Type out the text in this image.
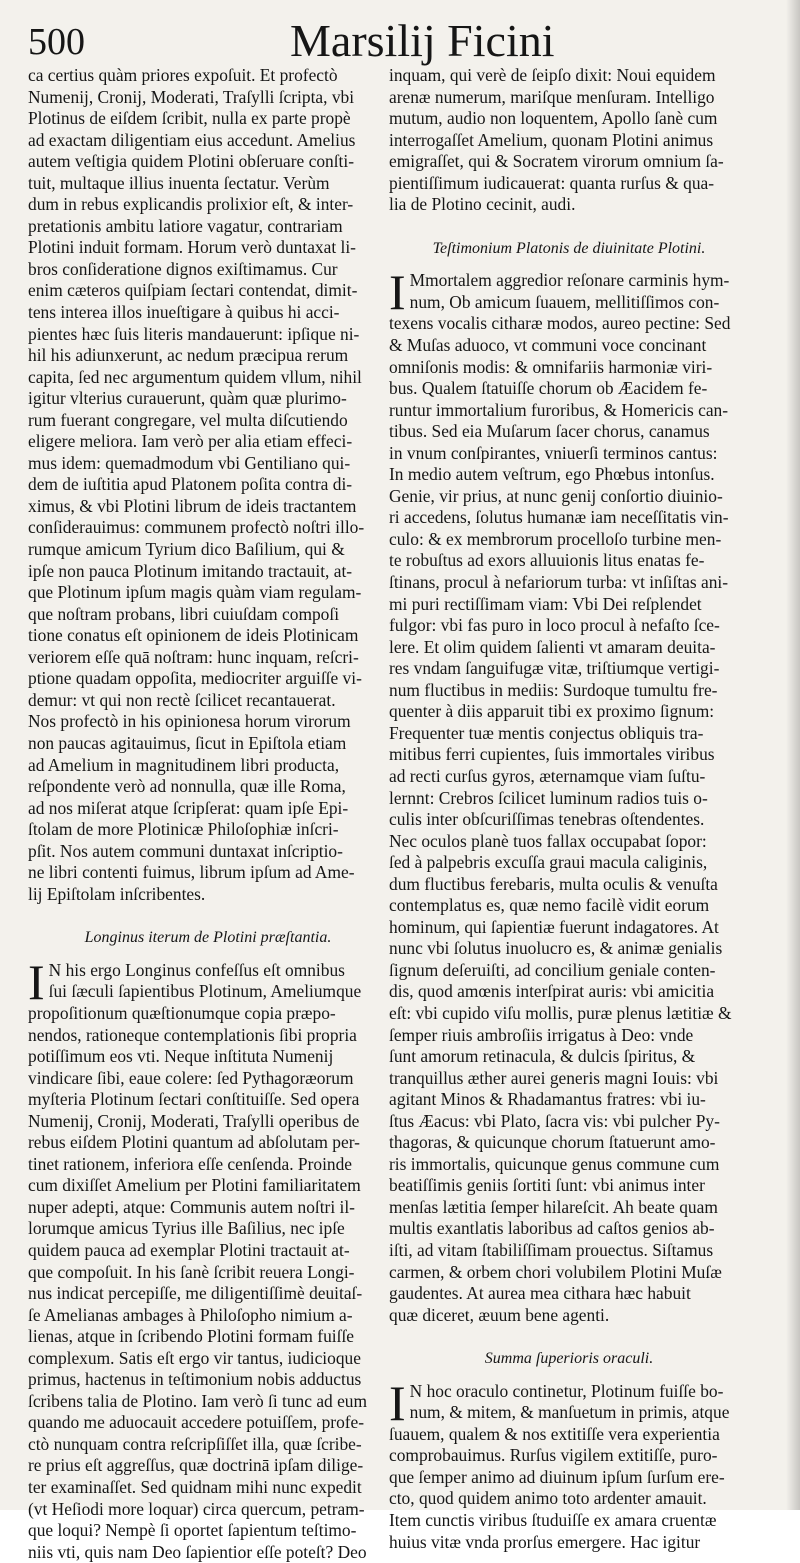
500	Marsilij Ficini

ca certius quàm priores expoſuit. Et profectò
Numenij, Cronij, Moderati, Traſylli ſcripta, vbi
Plotinus de eiſdem ſcribit, nulla ex parte propè
ad exactam diligentiam eius accedunt. Amelius
autem veſtigia quidem Plotini obſeruare conſti-
tuit, multaque illius inuenta ſectatur. Verùm
dum in rebus explicandis prolixior eſt, & inter-
pretationis ambitu latiore vagatur, contrariam
Plotini induit formam. Horum verò duntaxat li-
bros conſideratione dignos exiſtimamus. Cur
enim cæteros quiſpiam ſectari contendat, dimit-
tens interea illos inueſtigare à quibus hi acci-
pientes hæc ſuis literis mandauerunt: ipſique ni-
hil his adiunxerunt, ac nedum præcipua rerum
capita, ſed nec argumentum quidem vllum, nihil
igitur vlterius curauerunt, quàm quæ plurimo-
rum fuerant congregare, vel multa diſcutiendo
eligere meliora. Iam verò per alia etiam effeci-
mus idem: quemadmodum vbi Gentiliano qui-
dem de iuſtitia apud Platonem poſita contra di-
ximus, & vbi Plotini librum de ideis tractantem
conſiderauimus: communem profectò noſtri illo-
rumque amicum Tyrium dico Baſilium, qui &
ipſe non pauca Plotinum imitando tractauit, at-
que Plotinum ipſum magis quàm viam regulam-
que noſtram probans, libri cuiuſdam compoſi
tione conatus eſt opinionem de ideis Plotinicam
veriorem eſſe quā noſtram: hunc inquam, reſcri-
ptione quadam oppoſita, mediocriter arguiſſe vi-
demur: vt qui non rectè ſcilicet recantauerat.
Nos profectò in his opinionesa horum virorum
non paucas agitauimus, ſicut in Epiſtola etiam
ad Amelium in magnitudinem libri producta,
reſpondente verò ad nonnulla, quæ ille Roma,
ad nos miſerat atque ſcripſerat: quam ipſe Epi-
ſtolam de more Plotinicæ Philoſophiæ inſcri-
pſit. Nos autem communi duntaxat inſcriptio-
ne libri contenti fuimus, librum ipſum ad Ame-
lij Epiſtolam inſcribentes.

Longinus iterum de Plotini præſtantia.

I N his ergo Longinus confeſſus eſt omnibus
ſui ſæculi ſapientibus Plotinum, Ameliumque
propoſitionum quæſtionumque copia præpo-
nendos, rationeque contemplationis ſibi propria
potiſſimum eos vti. Neque inſtituta Numenij
vindicare ſibi, eaue colere: ſed Pythagoræorum
myſteria Plotinum ſectari conſtituiſſe. Sed opera
Numenij, Cronij, Moderati, Traſylli operibus de
rebus eiſdem Plotini quantum ad abſolutam per-
tinet rationem, inferiora eſſe cenſenda. Proinde
cum dixiſſet Amelium per Plotini familiaritatem
nuper adepti, atque: Communis autem noſtri il-
lorumque amicus Tyrius ille Baſilius, nec ipſe
quidem pauca ad exemplar Plotini tractauit at-
que compoſuit. In his ſanè ſcribit reuera Longi-
nus indicat percepiſſe, me diligentiſſimè deuitaſ-
ſe Amelianas ambages à Philoſopho nimium a-
lienas, atque in ſcribendo Plotini formam fuiſſe
complexum. Satis eſt ergo vir tantus, iudicioque
primus, hactenus in teſtimonium nobis adductus
ſcribens talia de Plotino. Iam verò ſi tunc ad eum
quando me aduocauit accedere potuiſſem, profe-
ctò nunquam contra reſcripſiſſet illa, quæ ſcribe-
re prius eſt aggreſſus, quæ doctrinā ipſam dilige-
ter examinaſſet. Sed quidnam mihi nunc expedit
(vt Heſiodi more loquar) circa quercum, petram-
que loqui? Nempè ſi oportet ſapientum teſtimo-
niis vti, quis nam Deo ſapientior eſſe poteſt? Deo

inquam, qui verè de ſeipſo dixit: Noui equidem
arenæ numerum, mariſque menſuram. Intelligo
mutum, audio non loquentem, Apollo ſanè cum
interrogaſſet Amelium, quonam Plotini animus
emigraſſet, qui & Socratem virorum omnium ſa-
pientiſſimum iudicauerat: quanta rurſus & qua-
lia de Plotino cecinit, audi.

Teſtimonium Platonis de diuinitate Plotini.

I Mmortalem aggredior reſonare carminis hym-
num, Ob amicum ſuauem, mellitiſſimos con-
texens vocalis citharæ modos, aureo pectine: Sed
& Muſas aduoco, vt communi voce concinant
omniſonis modis: & omnifariis harmoniæ viri-
bus. Qualem ſtatuiſſe chorum ob Æacidem fe-
runtur immortalium furoribus, & Homericis can-
tibus. Sed eia Muſarum ſacer chorus, canamus
in vnum conſpirantes, vniuerſi terminos cantus:
In medio autem veſtrum, ego Phœbus intonſus.
Genie, vir prius, at nunc genij conſortio diuinio-
ri accedens, ſolutus humanæ iam neceſſitatis vin-
culo: & ex membrorum procelloſo turbine men-
te robuſtus ad exors alluuionis litus enatas fe-
ſtinans, procul à nefariorum turba: vt inſiſtas ani-
mi puri rectiſſimam viam: Vbi Dei reſplendet
fulgor: vbi fas puro in loco procul à nefaſto ſce-
lere. Et olim quidem ſalienti vt amaram deuita-
res vndam ſanguifugæ vitæ, triſtiumque vertigi-
num fluctibus in mediis: Surdoque tumultu fre-
quenter à diis apparuit tibi ex proximo ſignum:
Frequenter tuæ mentis conjectus obliquis tra-
mitibus ferri cupientes, ſuis immortales viribus
ad recti curſus gyros, æternamque viam ſuſtu-
lernnt: Crebros ſcilicet luminum radios tuis o-
culis inter obſcuriſſimas tenebras oſtendentes.
Nec oculos planè tuos fallax occupabat ſopor:
ſed à palpebris excuſſa graui macula caliginis,
dum fluctibus ferebaris, multa oculis & venuſta
contemplatus es, quæ nemo facilè vidit eorum
hominum, qui ſapientiæ fuerunt indagatores. At
nunc vbi ſolutus inuolucro es, & animæ genialis
ſignum deſeruiſti, ad concilium geniale conten-
dis, quod amœnis interſpirat auris: vbi amicitia
eſt: vbi cupido viſu mollis, puræ plenus lætitiæ &
ſemper riuis ambroſiis irrigatus à Deo: vnde
ſunt amorum retinacula, & dulcis ſpiritus, &
tranquillus æther aurei generis magni Iouis: vbi
agitant Minos & Rhadamantus fratres: vbi iu-
ſtus Æacus: vbi Plato, ſacra vis: vbi pulcher Py-
thagoras, & quicunque chorum ſtatuerunt amo-
ris immortalis, quicunque genus commune cum
beatiſſimis geniis ſortiti ſunt: vbi animus inter
menſas lætitia ſemper hilareſcit. Ah beate quam
multis exantlatis laboribus ad caſtos genios ab-
iſti, ad vitam ſtabiliſſimam prouectus. Siſtamus
carmen, & orbem chori volubilem Plotini Muſæ
gaudentes. At aurea mea cithara hæc habuit
quæ diceret, æuum bene agenti.

Summa ſuperioris oraculi.

I N hoc oraculo continetur, Plotinum fuiſſe bo-
num, & mitem, & manſuetum in primis, atque
ſuauem, qualem & nos extitiſſe vera experientia
comprobauimus. Rurſus vigilem extitiſſe, puro-
que ſemper animo ad diuinum ipſum ſurſum ere-
ctο, quod quidem animo toto ardenter amauit.
Item cunctis viribus ſtuduiſſe ex amara cruentæ
huius vitæ vnda prorſus emergere. Hac igitur
